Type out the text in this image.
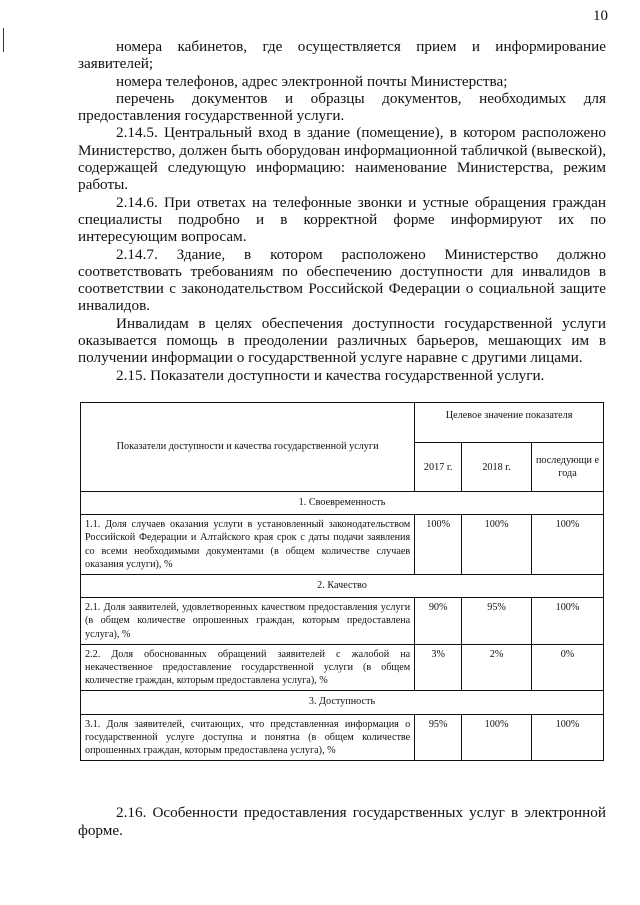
10

номера кабинетов, где осуществляется прием и информирование заявителей;

номера телефонов, адрес электронной почты Министерства;

перечень документов и образцы документов, необходимых для предоставления государственной услуги.

2.14.5. Центральный вход в здание (помещение), в котором расположено Министерство, должен быть оборудован информационной табличкой (вывеской), содержащей следующую информацию: наименование Министерства, режим работы.

2.14.6. При ответах на телефонные звонки и устные обращения граждан специалисты подробно и в корректной форме информируют их по интересующим вопросам.

2.14.7. Здание, в котором расположено Министерство должно соответствовать требованиям по обеспечению доступности для инвалидов в соответствии с законодательством Российской Федерации о социальной защите инвалидов.

Инвалидам в целях обеспечения доступности государственной услуги оказывается помощь в преодолении различных барьеров, мешающих им в получении информации о государственной услуге наравне с другими лицами.

2.15. Показатели доступности и качества государственной услуги.

Показатели доступности и качества государственной услуги	Целевое значение показателя		
	2017 г.	2018 г.	последующи е года
1. Своевременность			
1.1. Доля случаев оказания услуги в установленный законодательством Российской Федерации и Алтайского края срок с даты подачи заявления со всеми необходимыми документами (в общем количестве случаев оказания услуги), %	100%	100%	100%
2. Качество			
2.1. Доля заявителей, удовлетворенных качеством предоставления услуги (в общем количестве опрошенных граждан, которым предоставлена услуга), %	90%	95%	100%
2.2. Доля обоснованных обращений заявителей с жалобой на некачественное предоставление государственной услуги (в общем количестве граждан, которым предоставлена услуга), %	3%	2%	0%
3. Доступность			
3.1. Доля заявителей, считающих, что представленная информация о государственной услуге доступна и понятна (в общем количестве опрошенных граждан, которым предоставлена услуга), %	95%	100%	100%

2.16. Особенности предоставления государственных услуг в электронной форме.
